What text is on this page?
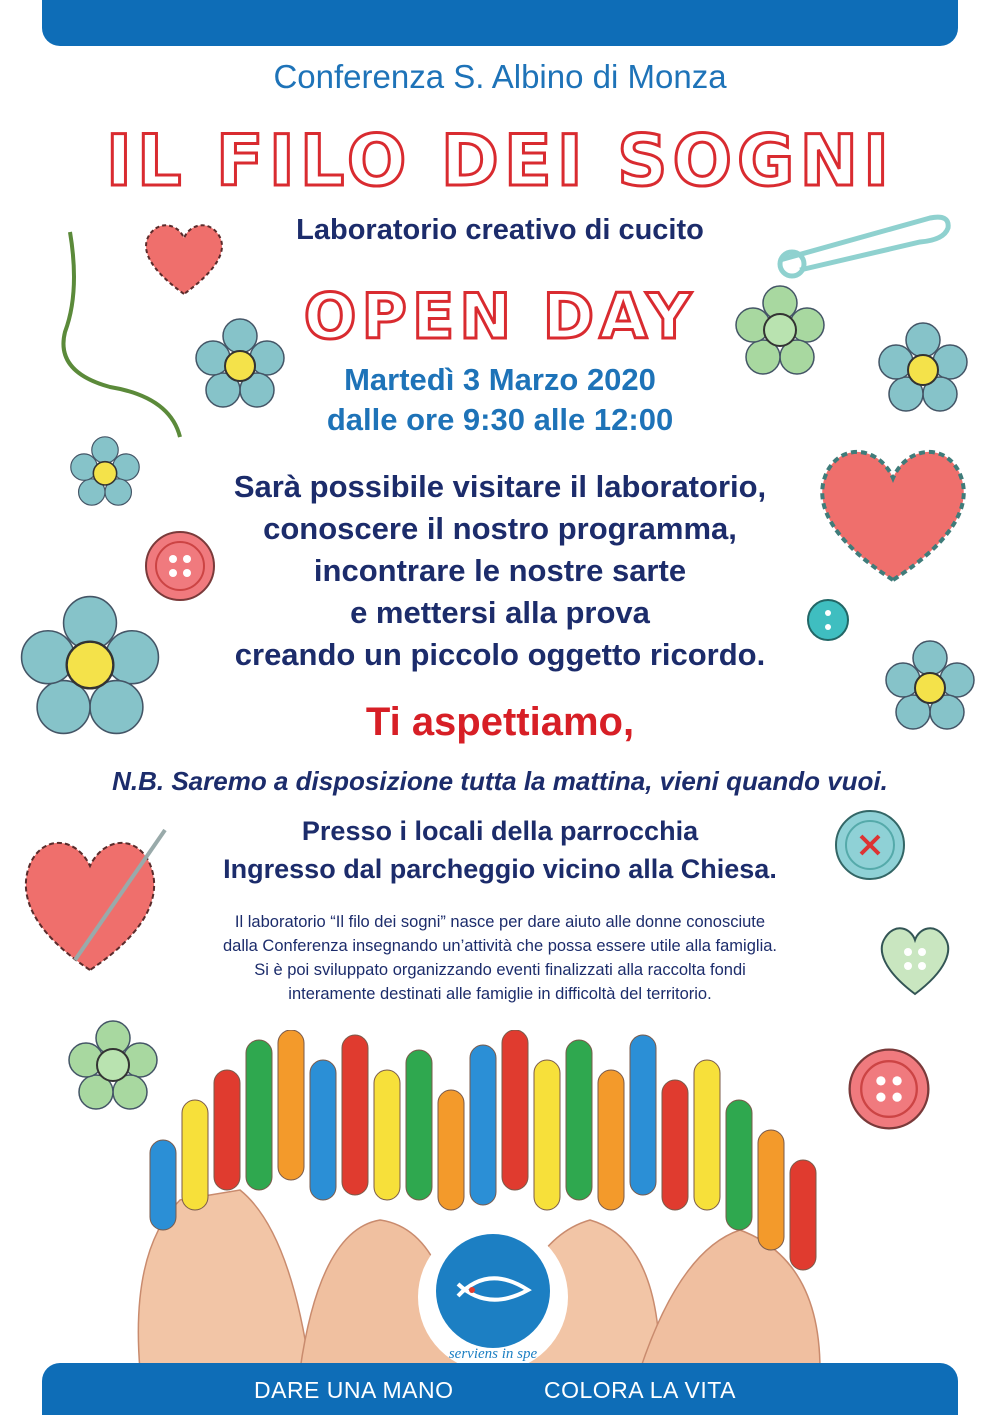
Conferenza S. Albino di Monza
IL FILO DEI SOGNI
Laboratorio creativo di cucito
OPEN DAY
Martedì 3 Marzo 2020
dalle ore 9:30 alle 12:00
Sarà possibile visitare il laboratorio,
conoscere il nostro programma,
incontrare le nostre sarte
e mettersi alla prova
creando un piccolo oggetto ricordo.
Ti aspettiamo,
N.B. Saremo a disposizione tutta la mattina, vieni quando vuoi.
Presso i locali della parrocchia
Ingresso dal parcheggio vicino alla Chiesa.
Il laboratorio “Il filo dei sogni” nasce per dare aiuto alle donne conosciute
dalla Conferenza insegnando un’attività che possa essere utile alla famiglia.
Si è poi sviluppato organizzando eventi finalizzati alla raccolta fondi
interamente destinati alle famiglie in difficoltà del territorio.
serviens in spe
DARE UNA MANO	COLORA LA VITA
